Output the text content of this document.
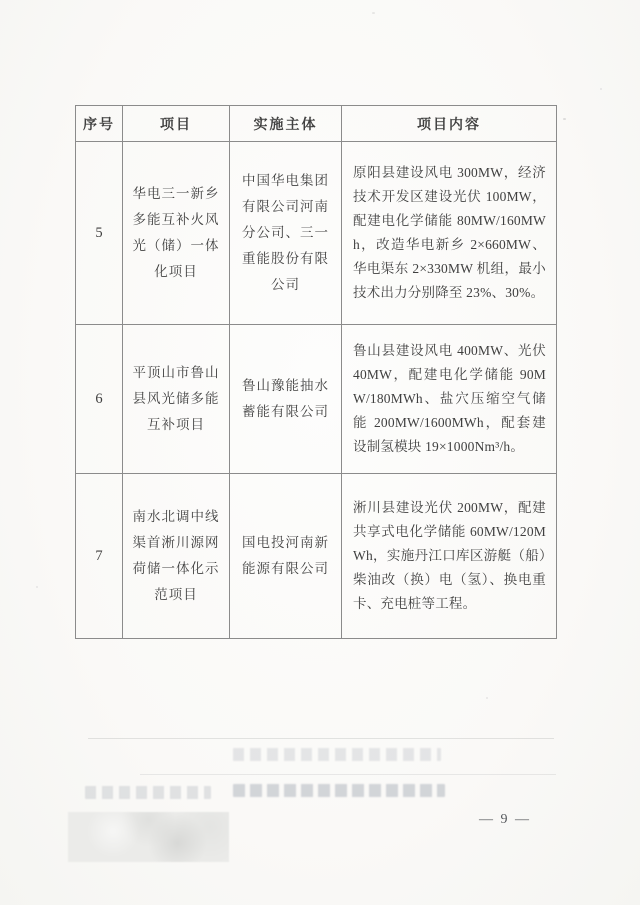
序号	项目	实施主体	项目内容
5	华电三一新乡多能互补火风光（储）一体化项目	中国华电集团有限公司河南分公司、三一重能股份有限公司	原阳县建设风电 300MW，经济技术开发区建设光伏 100MW，配建电化学储能 80MW/160MWh，改造华电新乡 2×660MW、华电渠东 2×330MW 机组，最小技术出力分别降至 23%、30%。
6	平顶山市鲁山县风光储多能互补项目	鲁山豫能抽水蓄能有限公司	鲁山县建设风电 400MW、光伏 40MW，配建电化学储能 90MW/180MWh、盐穴压缩空气储能 200MW/1600MWh，配套建设制氢模块 19×1000Nm³/h。
7	南水北调中线渠首淅川源网荷储一体化示范项目	国电投河南新能源有限公司	淅川县建设光伏 200MW，配建共享式电化学储能 60MW/120MWh，实施丹江口库区游艇（船）柴油改（换）电（氢）、换电重卡、充电桩等工程。
— 9 —
